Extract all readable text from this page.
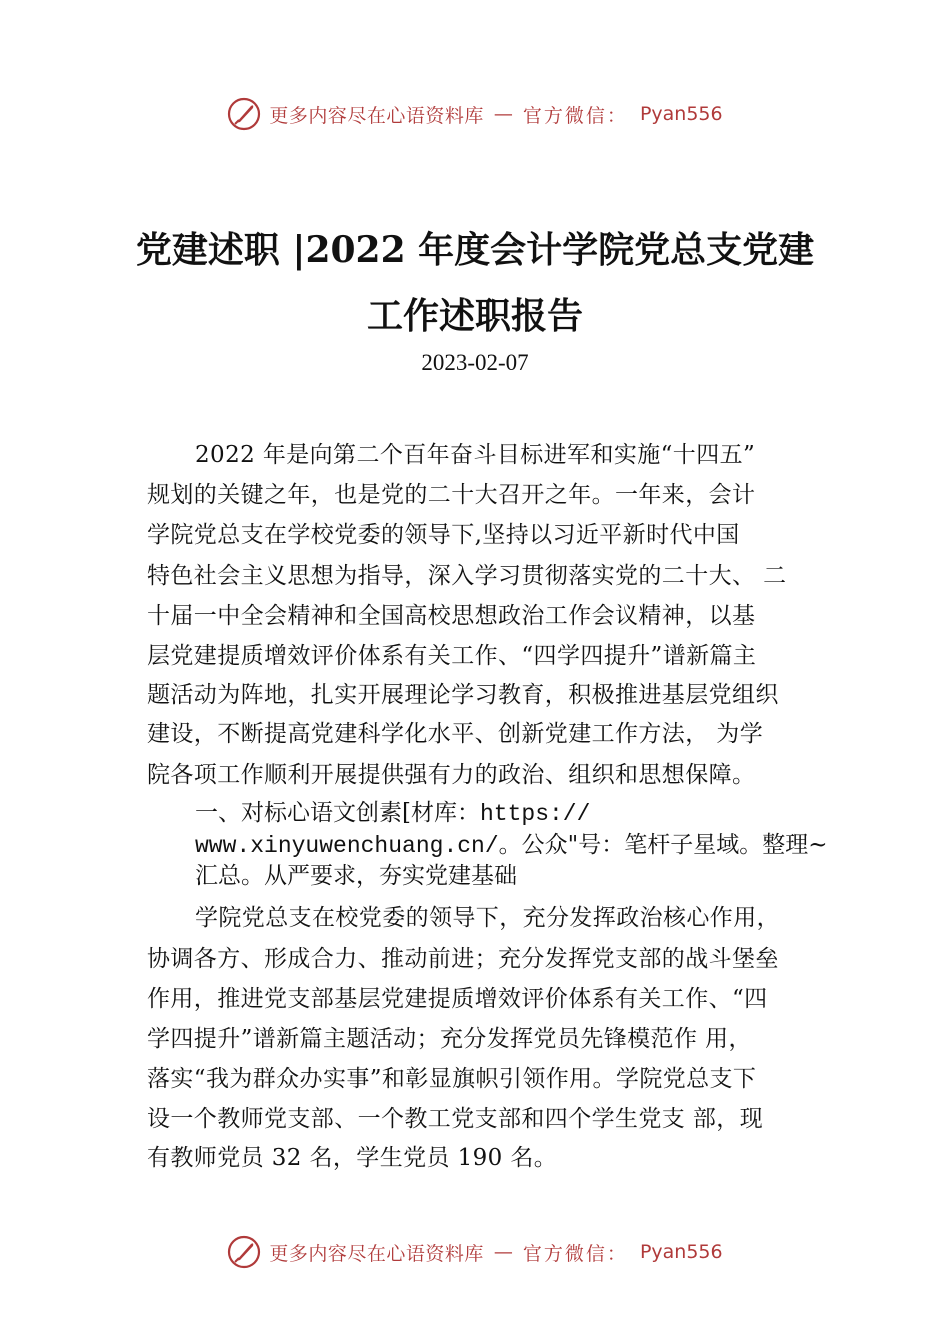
更多内容尽在心语资料库 — 官方微信： Pyan556
党建述职 |2022 年度会计学院党总支党建
工作述职报告
2023-02-07
2022 年是向第二个百年奋斗目标进军和实施“十四五”
规划的关键之年，也是党的二十大召开之年。一年来，会计
学院党总支在学校党委的领导下,坚持以习近平新时代中国
特色社会主义思想为指导，深入学习贯彻落实党的二十大、 二
十届一中全会精神和全国高校思想政治工作会议精神，以基
层党建提质增效评价体系有关工作、“四学四提升”谱新篇主
题活动为阵地，扎实开展理论学习教育，积极推进基层党组织
建设，不断提高党建科学化水平、创新党建工作方法， 为学
院各项工作顺利开展提供强有力的政治、组织和思想保障。
一、对标心语文创素[材库：https://
www.xinyuwenchuang.cn/。公众"号：笔杆子星域。整理~
汇总。从严要求，夯实党建基础
学院党总支在校党委的领导下，充分发挥政治核心作用，
协调各方、形成合力、推动前进；充分发挥党支部的战斗堡垒
作用，推进党支部基层党建提质增效评价体系有关工作、“四
学四提升”谱新篇主题活动；充分发挥党员先锋模范作 用，
落实“我为群众办实事”和彰显旗帜引领作用。学院党总支下
设一个教师党支部、一个教工党支部和四个学生党支 部，现
有教师党员 32 名，学生党员 190 名。
更多内容尽在心语资料库 — 官方微信： Pyan556
